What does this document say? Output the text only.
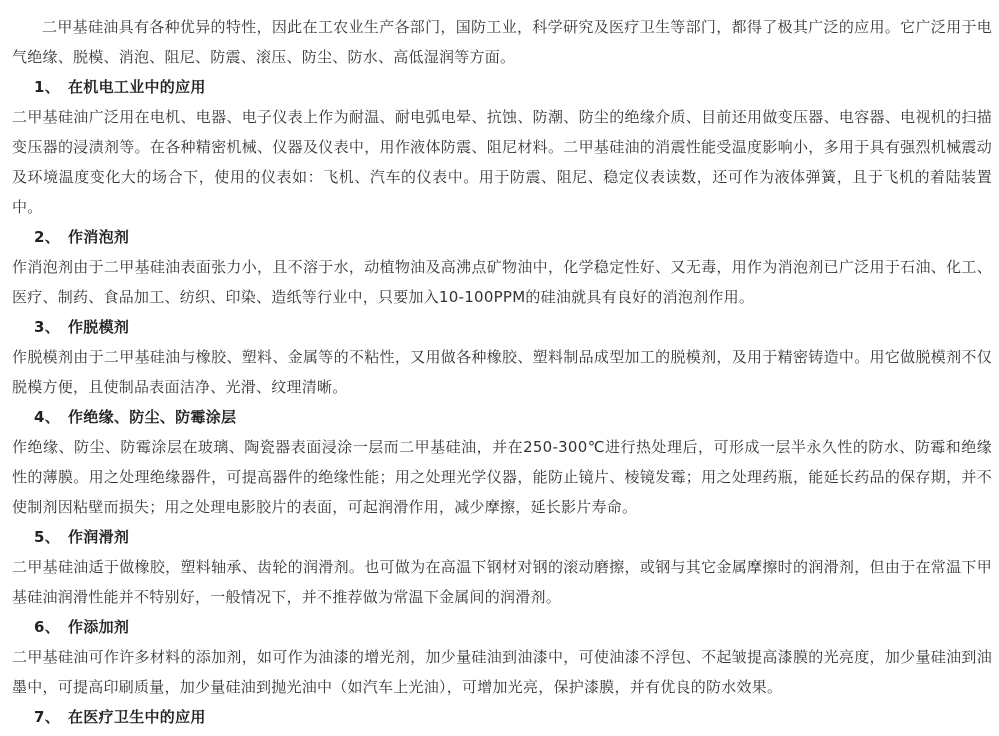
二甲基硅油具有各种优异的特性，因此在工农业生产各部门，国防工业，科学研究及医疗卫生等部门，都得了极其广泛的应用。它广泛用于电气绝缘、脱模、消泡、阻尼、防震、滚压、防尘、防水、高低湿润等方面。

1、 在机电工业中的应用

二甲基硅油广泛用在电机、电器、电子仪表上作为耐温、耐电弧电晕、抗蚀、防潮、防尘的绝缘介质、目前还用做变压器、电容器、电视机的扫描变压器的浸渍剂等。在各种精密机械、仪器及仪表中，用作液体防震、阻尼材料。二甲基硅油的消震性能受温度影响小，多用于具有强烈机械震动及环境温度变化大的场合下，使用的仪表如：飞机、汽车的仪表中。用于防震、阻尼、稳定仪表读数，还可作为液体弹簧，且于飞机的着陆装置中。

2、 作消泡剂

作消泡剂由于二甲基硅油表面张力小，且不溶于水，动植物油及高沸点矿物油中，化学稳定性好、又无毒，用作为消泡剂已广泛用于石油、化工、医疗、制药、食品加工、纺织、印染、造纸等行业中，只要加入10-100PPM的硅油就具有良好的消泡剂作用。

3、 作脱模剂

作脱模剂由于二甲基硅油与橡胶、塑料、金属等的不粘性，又用做各种橡胶、塑料制品成型加工的脱模剂，及用于精密铸造中。用它做脱模剂不仅脱模方便，且使制品表面洁净、光滑、纹理清晰。

4、 作绝缘、防尘、防霉涂层

作绝缘、防尘、防霉涂层在玻璃、陶瓷器表面浸涂一层而二甲基硅油，并在250-300℃进行热处理后，可形成一层半永久性的防水、防霉和绝缘性的薄膜。用之处理绝缘器件，可提高器件的绝缘性能；用之处理光学仪器，能防止镜片、棱镜发霉；用之处理药瓶，能延长药品的保存期，并不使制剂因粘壁而损失；用之处理电影胶片的表面，可起润滑作用，减少摩擦，延长影片寿命。

5、 作润滑剂

二甲基硅油适于做橡胶，塑料轴承、齿轮的润滑剂。也可做为在高温下钢材对钢的滚动磨擦，或钢与其它金属摩擦时的润滑剂，但由于在常温下甲基硅油润滑性能并不特别好，一般情况下，并不推荐做为常温下金属间的润滑剂。

6、 作添加剂

二甲基硅油可作许多材料的添加剂，如可作为油漆的增光剂，加少量硅油到油漆中，可使油漆不浮包、不起皱提高漆膜的光亮度，加少量硅油到油墨中，可提高印刷质量，加少量硅油到抛光油中（如汽车上光油），可增加光亮，保护漆膜，并有优良的防水效果。

7、 在医疗卫生中的应用
